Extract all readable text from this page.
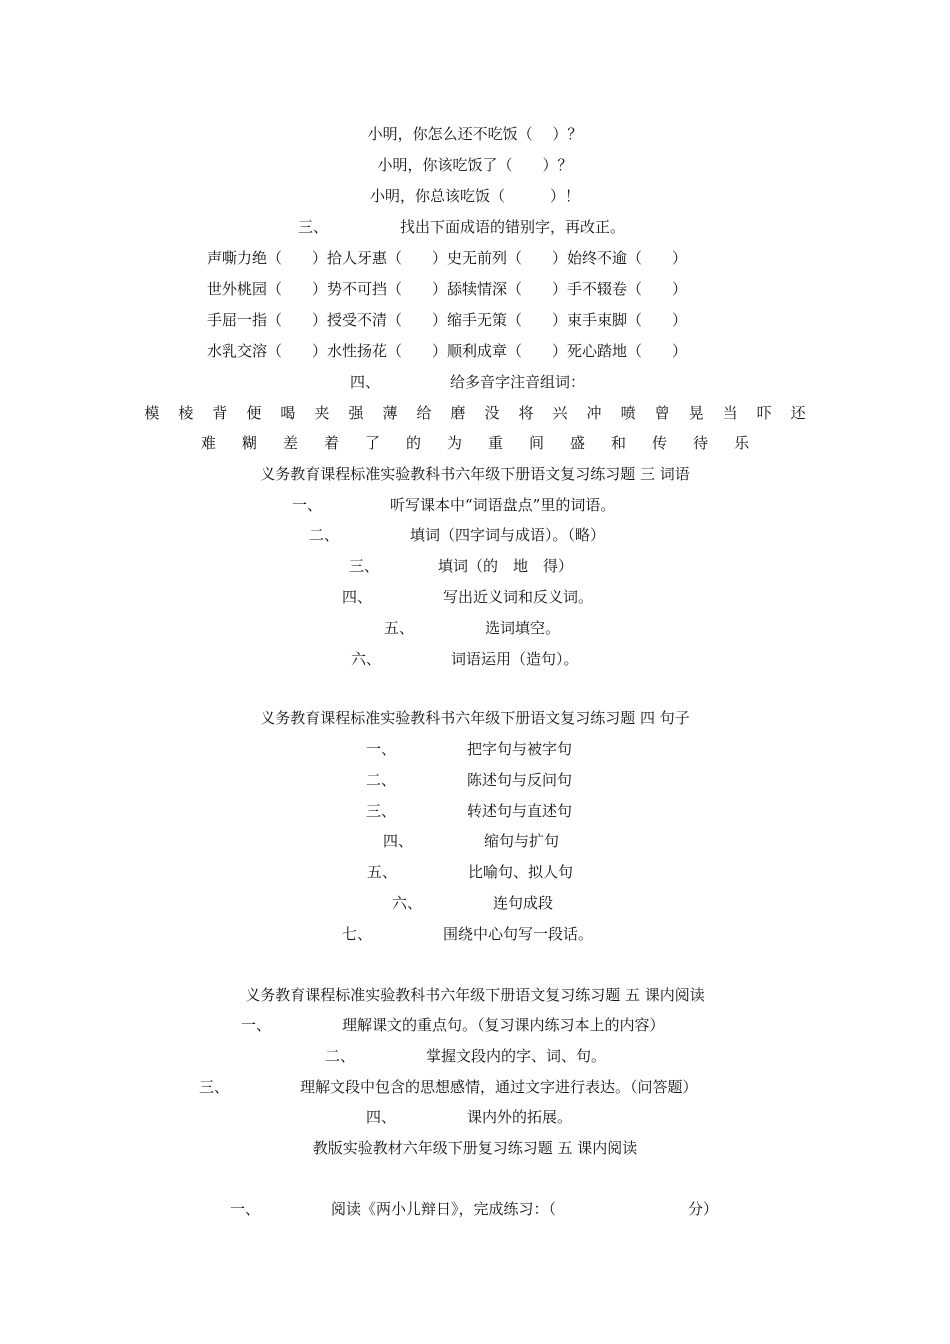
小明，你怎么还不吃饭（　 ）？
小明，你该吃饭了（　　）？
小明，你总该吃饭（　　　）！
三、	找出下面成语的错别字，再改正。
声嘶力绝（　　）拾人牙惠（　　）史无前列（　　）始终不逾（　　）
世外桃园（　　）势不可挡（　　）舔犊情深（　　）手不辍卷（　　）
手屈一指（　　）授受不清（　　）缩手无策（　　）束手束脚（　　）
水乳交溶（　　）水性扬花（　　）顺利成章（　　）死心踏地（　　）
四、	给多音字注音组词：
模 棱 背 便 喝 夹 强 薄 给 磨 没 将 兴 冲 喷 曾 晃 当 吓 还
难 糊 差 着 了 的 为 重 间 盛 和 传 待 乐
义务教育课程标准实验教科书六年级下册语文复习练习题 三 词语
一、	听写课本中“词语盘点”里的词语。
二、	填词（四字词与成语）。（略）
三、	填词（的　地　得）
四、	写出近义词和反义词。
五、	选词填空。
六、	词语运用（造句）。
义务教育课程标准实验教科书六年级下册语文复习练习题 四 句子
一、	把字句与被字句
二、	陈述句与反问句
三、	转述句与直述句
四、	缩句与扩句
五、	比喻句、拟人句
六、	连句成段
七、	围绕中心句写一段话。
义务教育课程标准实验教科书六年级下册语文复习练习题 五 课内阅读
一、	理解课文的重点句。（复习课内练习本上的内容）
二、	掌握文段内的字、词、句。
三、	理解文段中包含的思想感情，通过文字进行表达。（问答题）
四、	课内外的拓展。
教版实验教材六年级下册复习练习题 五 课内阅读
一、	阅读《两小儿辩日》，完成练习：（	分）
